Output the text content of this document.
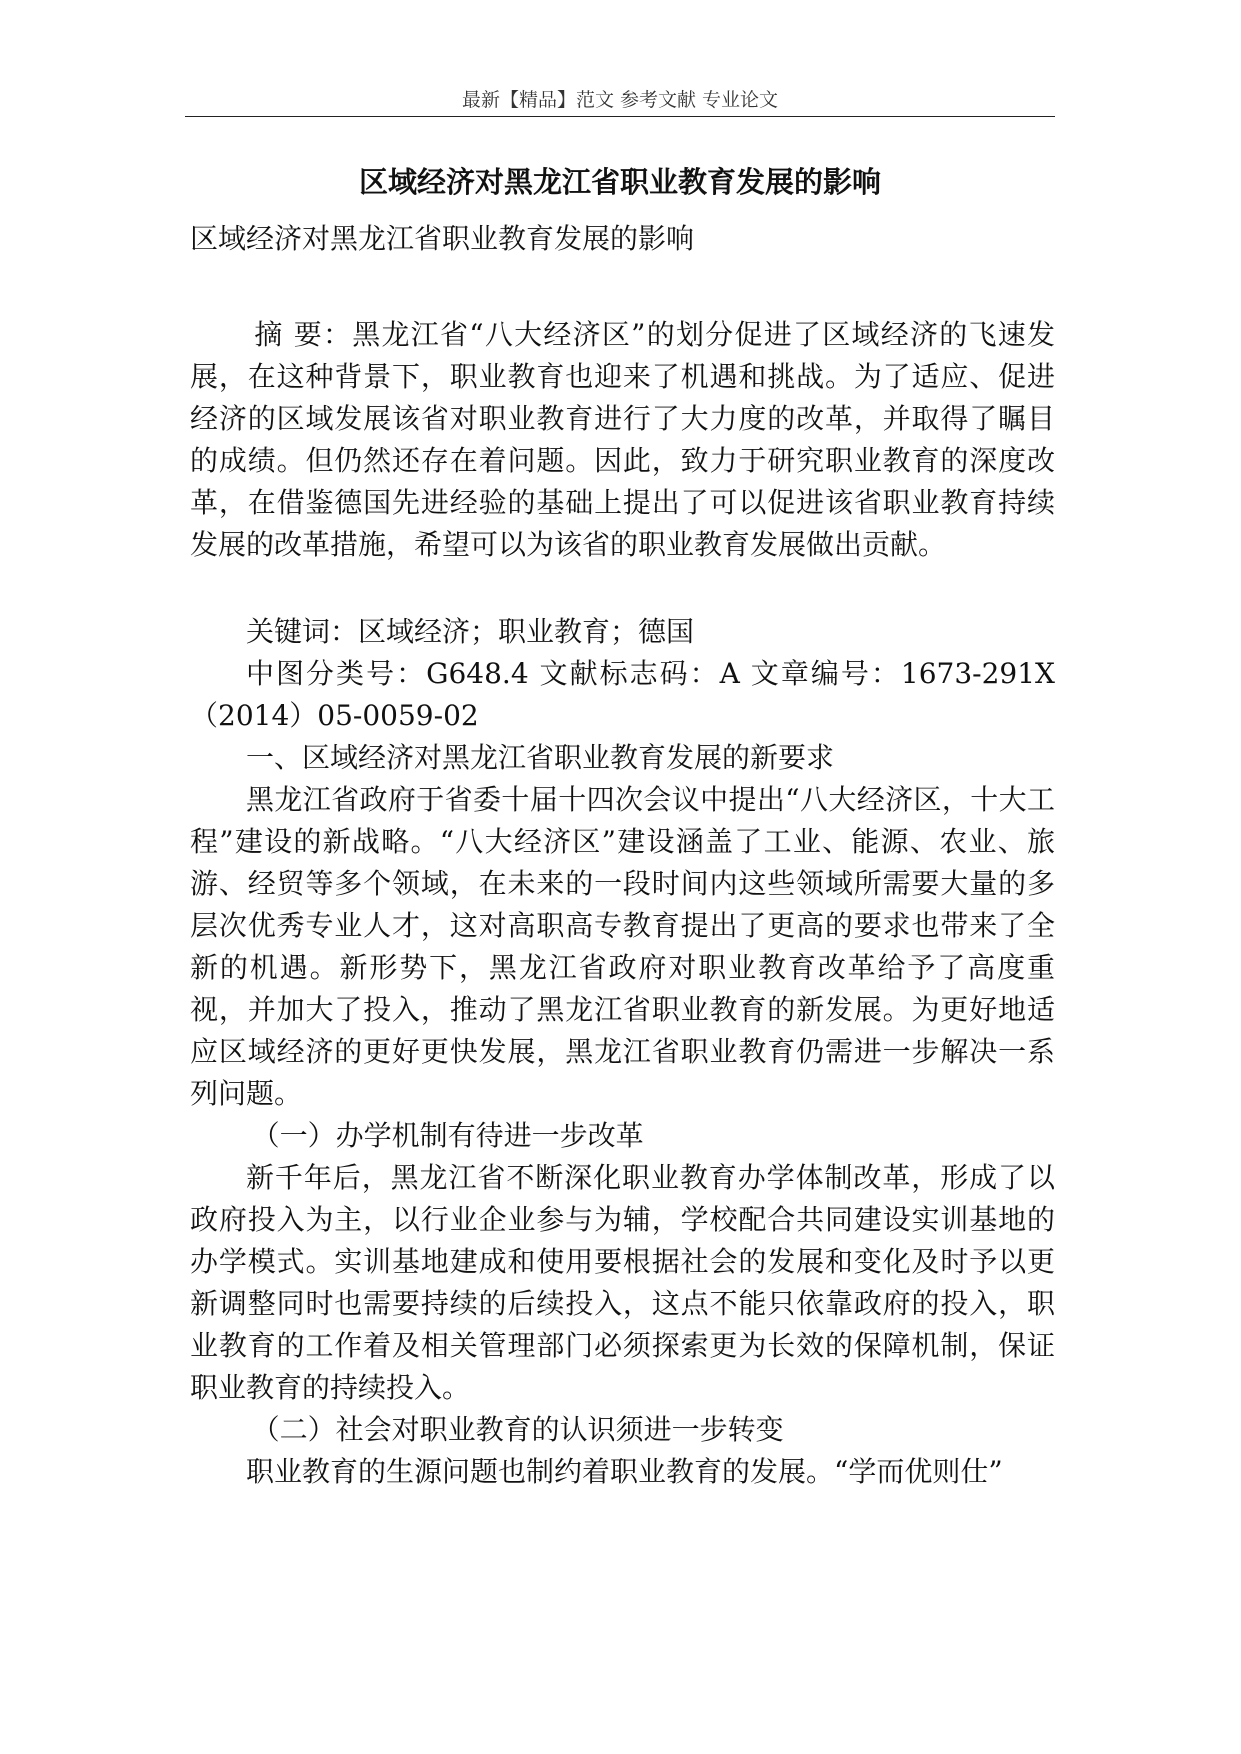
最新【精品】范文 参考文献 专业论文
区域经济对黑龙江省职业教育发展的影响

区域经济对黑龙江省职业教育发展的影响

摘 要：黑龙江省“八大经济区”的划分促进了区域经济的飞速发展，在这种背景下，职业教育也迎来了机遇和挑战。为了适应、促进经济的区域发展该省对职业教育进行了大力度的改革，并取得了瞩目的成绩。但仍然还存在着问题。因此，致力于研究职业教育的深度改革，在借鉴德国先进经验的基础上提出了可以促进该省职业教育持续发展的改革措施，希望可以为该省的职业教育发展做出贡献。

关键词：区域经济；职业教育；德国

中图分类号：G648.4 文献标志码：A 文章编号：1673-291X（2014）05-0059-02

一、区域经济对黑龙江省职业教育发展的新要求

黑龙江省政府于省委十届十四次会议中提出“八大经济区，十大工程”建设的新战略。“八大经济区”建设涵盖了工业、能源、农业、旅游、经贸等多个领域，在未来的一段时间内这些领域所需要大量的多层次优秀专业人才，这对高职高专教育提出了更高的要求也带来了全新的机遇。新形势下，黑龙江省政府对职业教育改革给予了高度重视，并加大了投入，推动了黑龙江省职业教育的新发展。为更好地适应区域经济的更好更快发展，黑龙江省职业教育仍需进一步解决一系列问题。

（一）办学机制有待进一步改革

新千年后，黑龙江省不断深化职业教育办学体制改革，形成了以政府投入为主，以行业企业参与为辅，学校配合共同建设实训基地的办学模式。实训基地建成和使用要根据社会的发展和变化及时予以更新调整同时也需要持续的后续投入，这点不能只依靠政府的投入，职业教育的工作着及相关管理部门必须探索更为长效的保障机制，保证职业教育的持续投入。

（二）社会对职业教育的认识须进一步转变

职业教育的生源问题也制约着职业教育的发展。“学而优则仕”
